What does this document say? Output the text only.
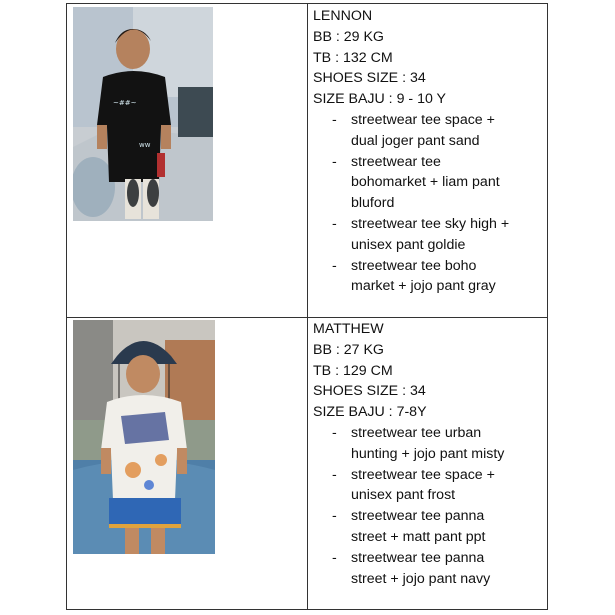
~##~
ww
LENNON
BB : 29 KG
TB : 132 CM
SHOES SIZE : 34
SIZE BAJU : 9 - 10 Y
- streetwear tee space +
dual joger pant sand
- streetwear tee
bohomarket + liam pant
bluford
- streetwear tee sky high +
unisex pant goldie
- streetwear tee boho
market + jojo pant gray
MATTHEW
BB : 27 KG
TB : 129 CM
SHOES SIZE : 34
SIZE BAJU : 7-8Y
- streetwear tee urban
hunting + jojo pant misty
- streetwear tee space +
unisex pant frost
- streetwear tee panna
street + matt pant ppt
- streetwear tee panna
street + jojo pant navy
